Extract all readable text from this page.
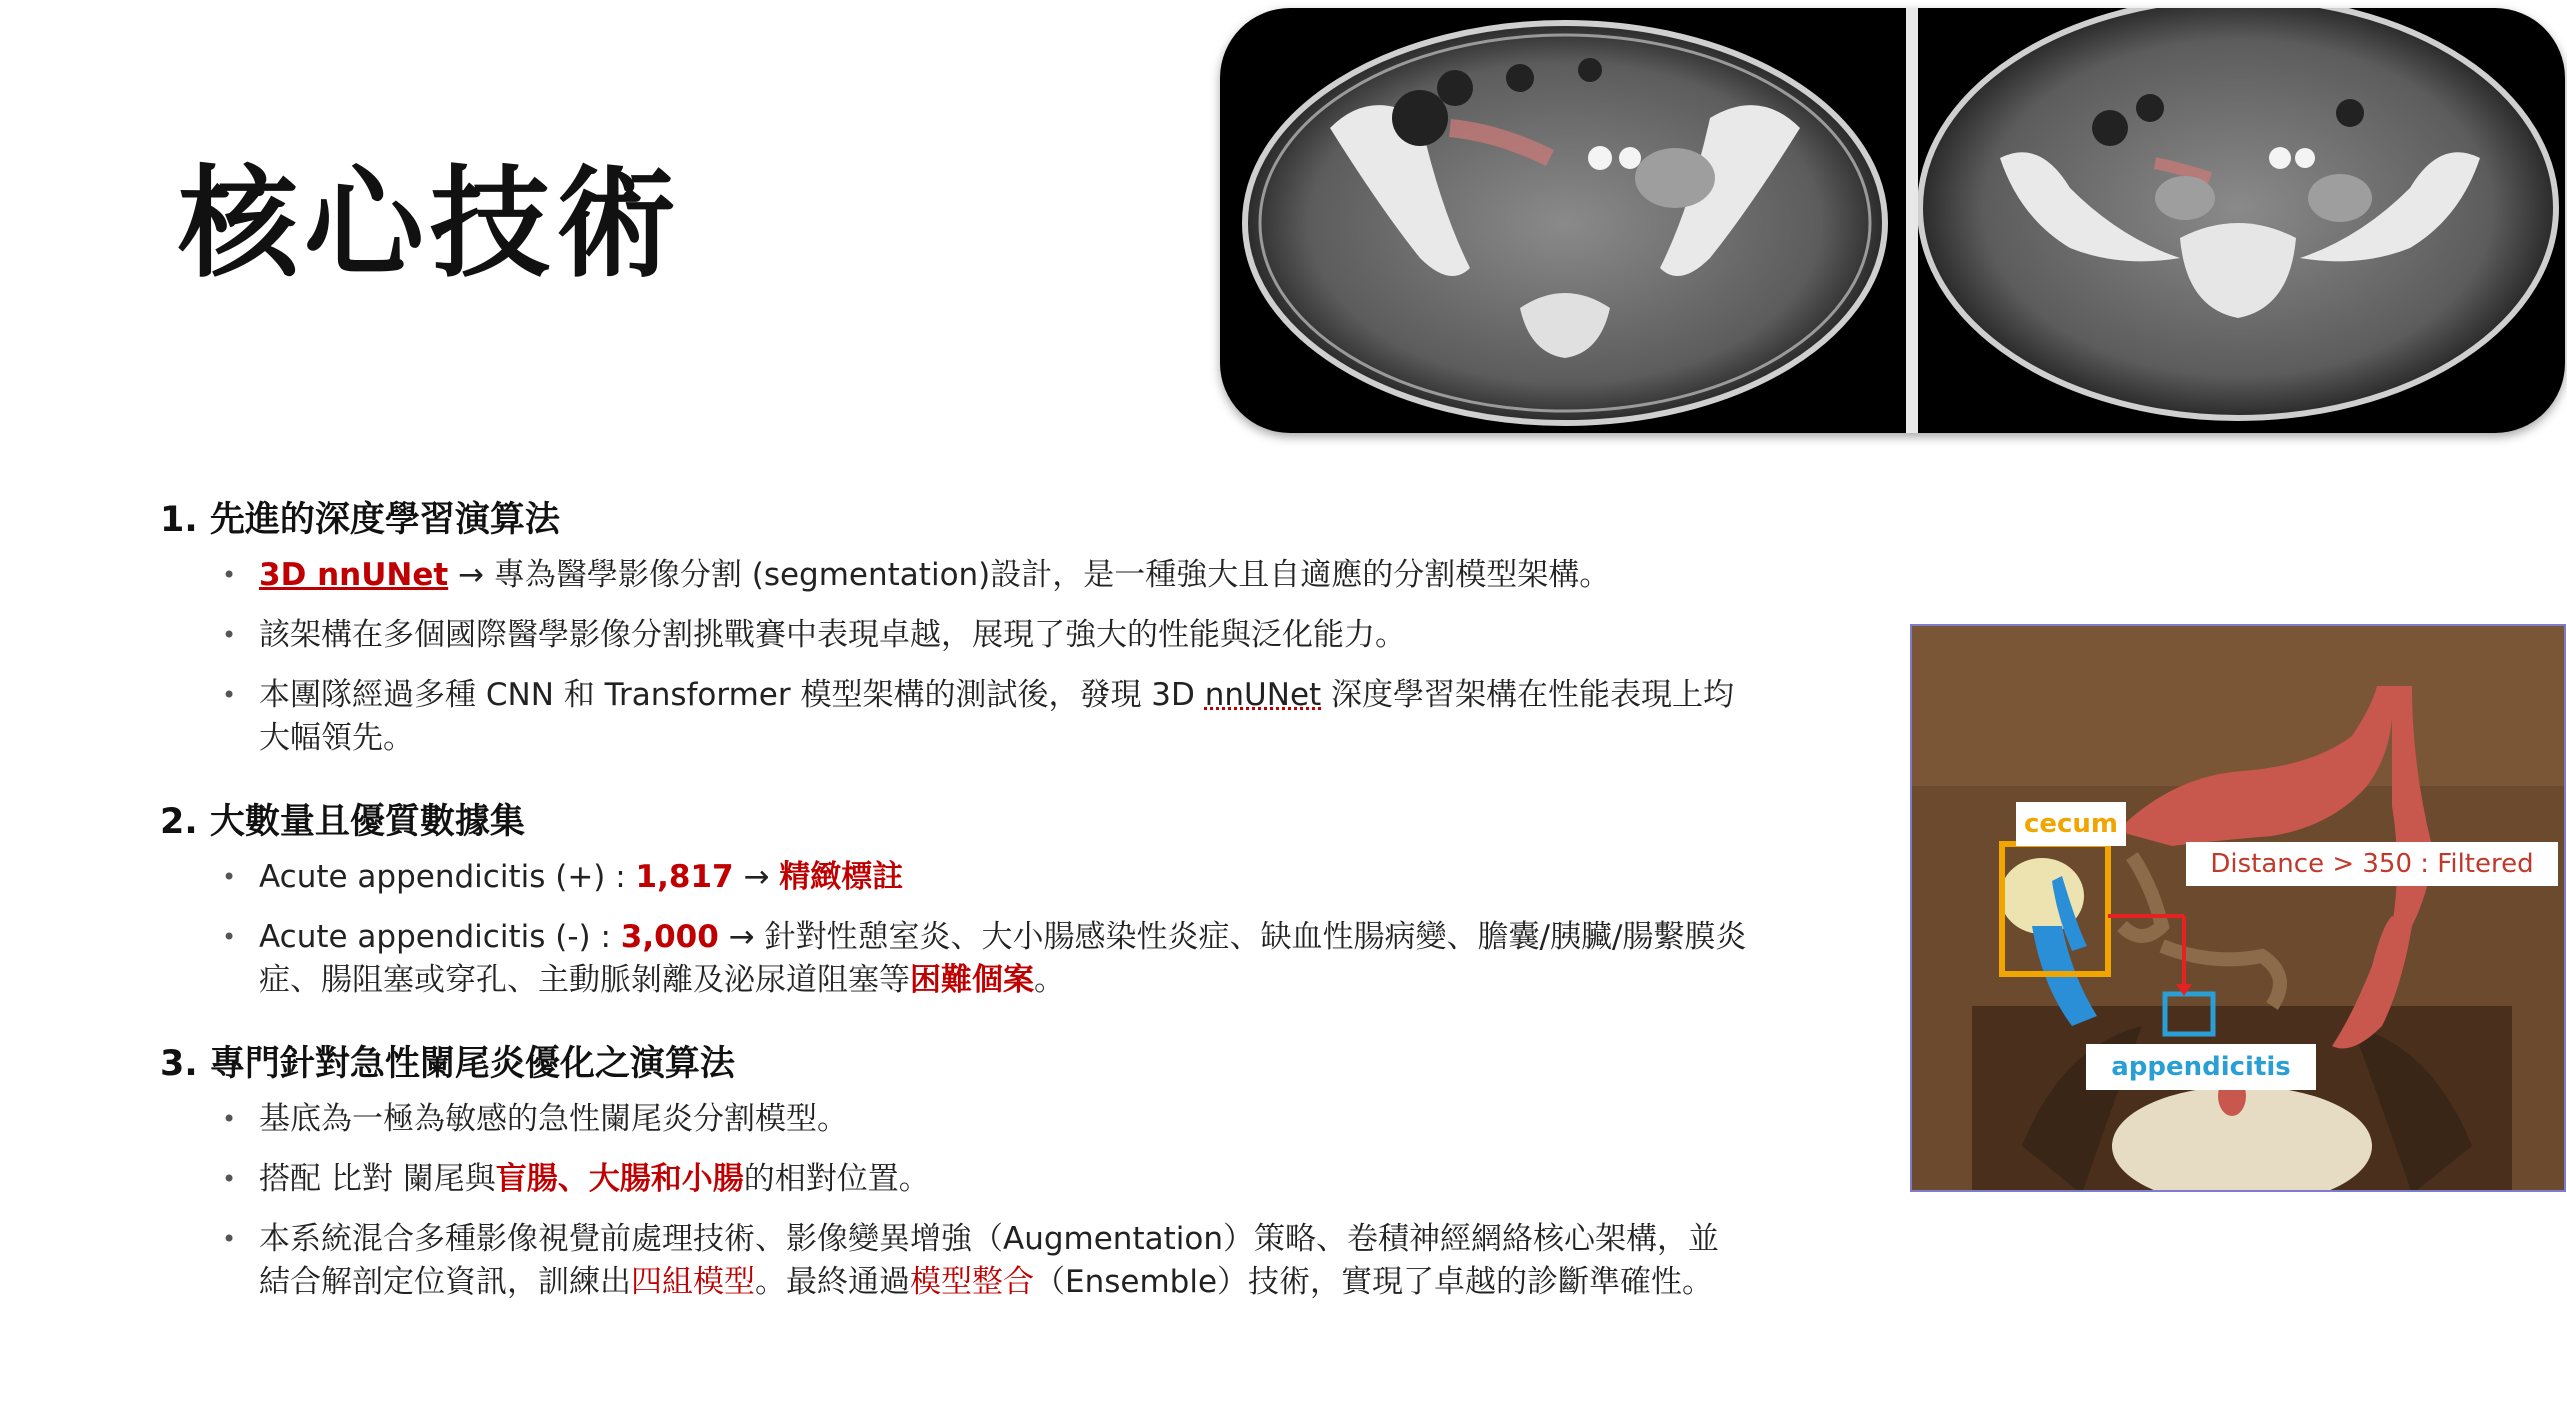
核心技術
1. 先進的深度學習演算法
• 3D nnUNet → 專為醫學影像分割 (segmentation)設計，是一種強大且自適應的分割模型架構。
• 該架構在多個國際醫學影像分割挑戰賽中表現卓越，展現了強大的性能與泛化能力。
• 本團隊經過多種 CNN 和 Transformer 模型架構的測試後，發現 3D nnUNet 深度學習架構在性能表現上均
大幅領先。
2. 大數量且優質數據集
• Acute appendicitis (+) : 1,817 → 精緻標註
• Acute appendicitis (-) : 3,000 → 針對性憩室炎、大小腸感染性炎症、缺血性腸病變、膽囊/胰臟/腸繫膜炎
症、腸阻塞或穿孔、主動脈剝離及泌尿道阻塞等困難個案。
3. 專門針對急性闌尾炎優化之演算法
• 基底為一極為敏感的急性闌尾炎分割模型。
• 搭配 比對 闌尾與盲腸、大腸和小腸的相對位置。
• 本系統混合多種影像視覺前處理技術、影像變異增強（Augmentation）策略、卷積神經網絡核心架構，並
結合解剖定位資訊，訓練出四組模型。最終通過模型整合（Ensemble）技術，實現了卓越的診斷準確性。
cecum
Distance > 350 : Filtered
appendicitis
